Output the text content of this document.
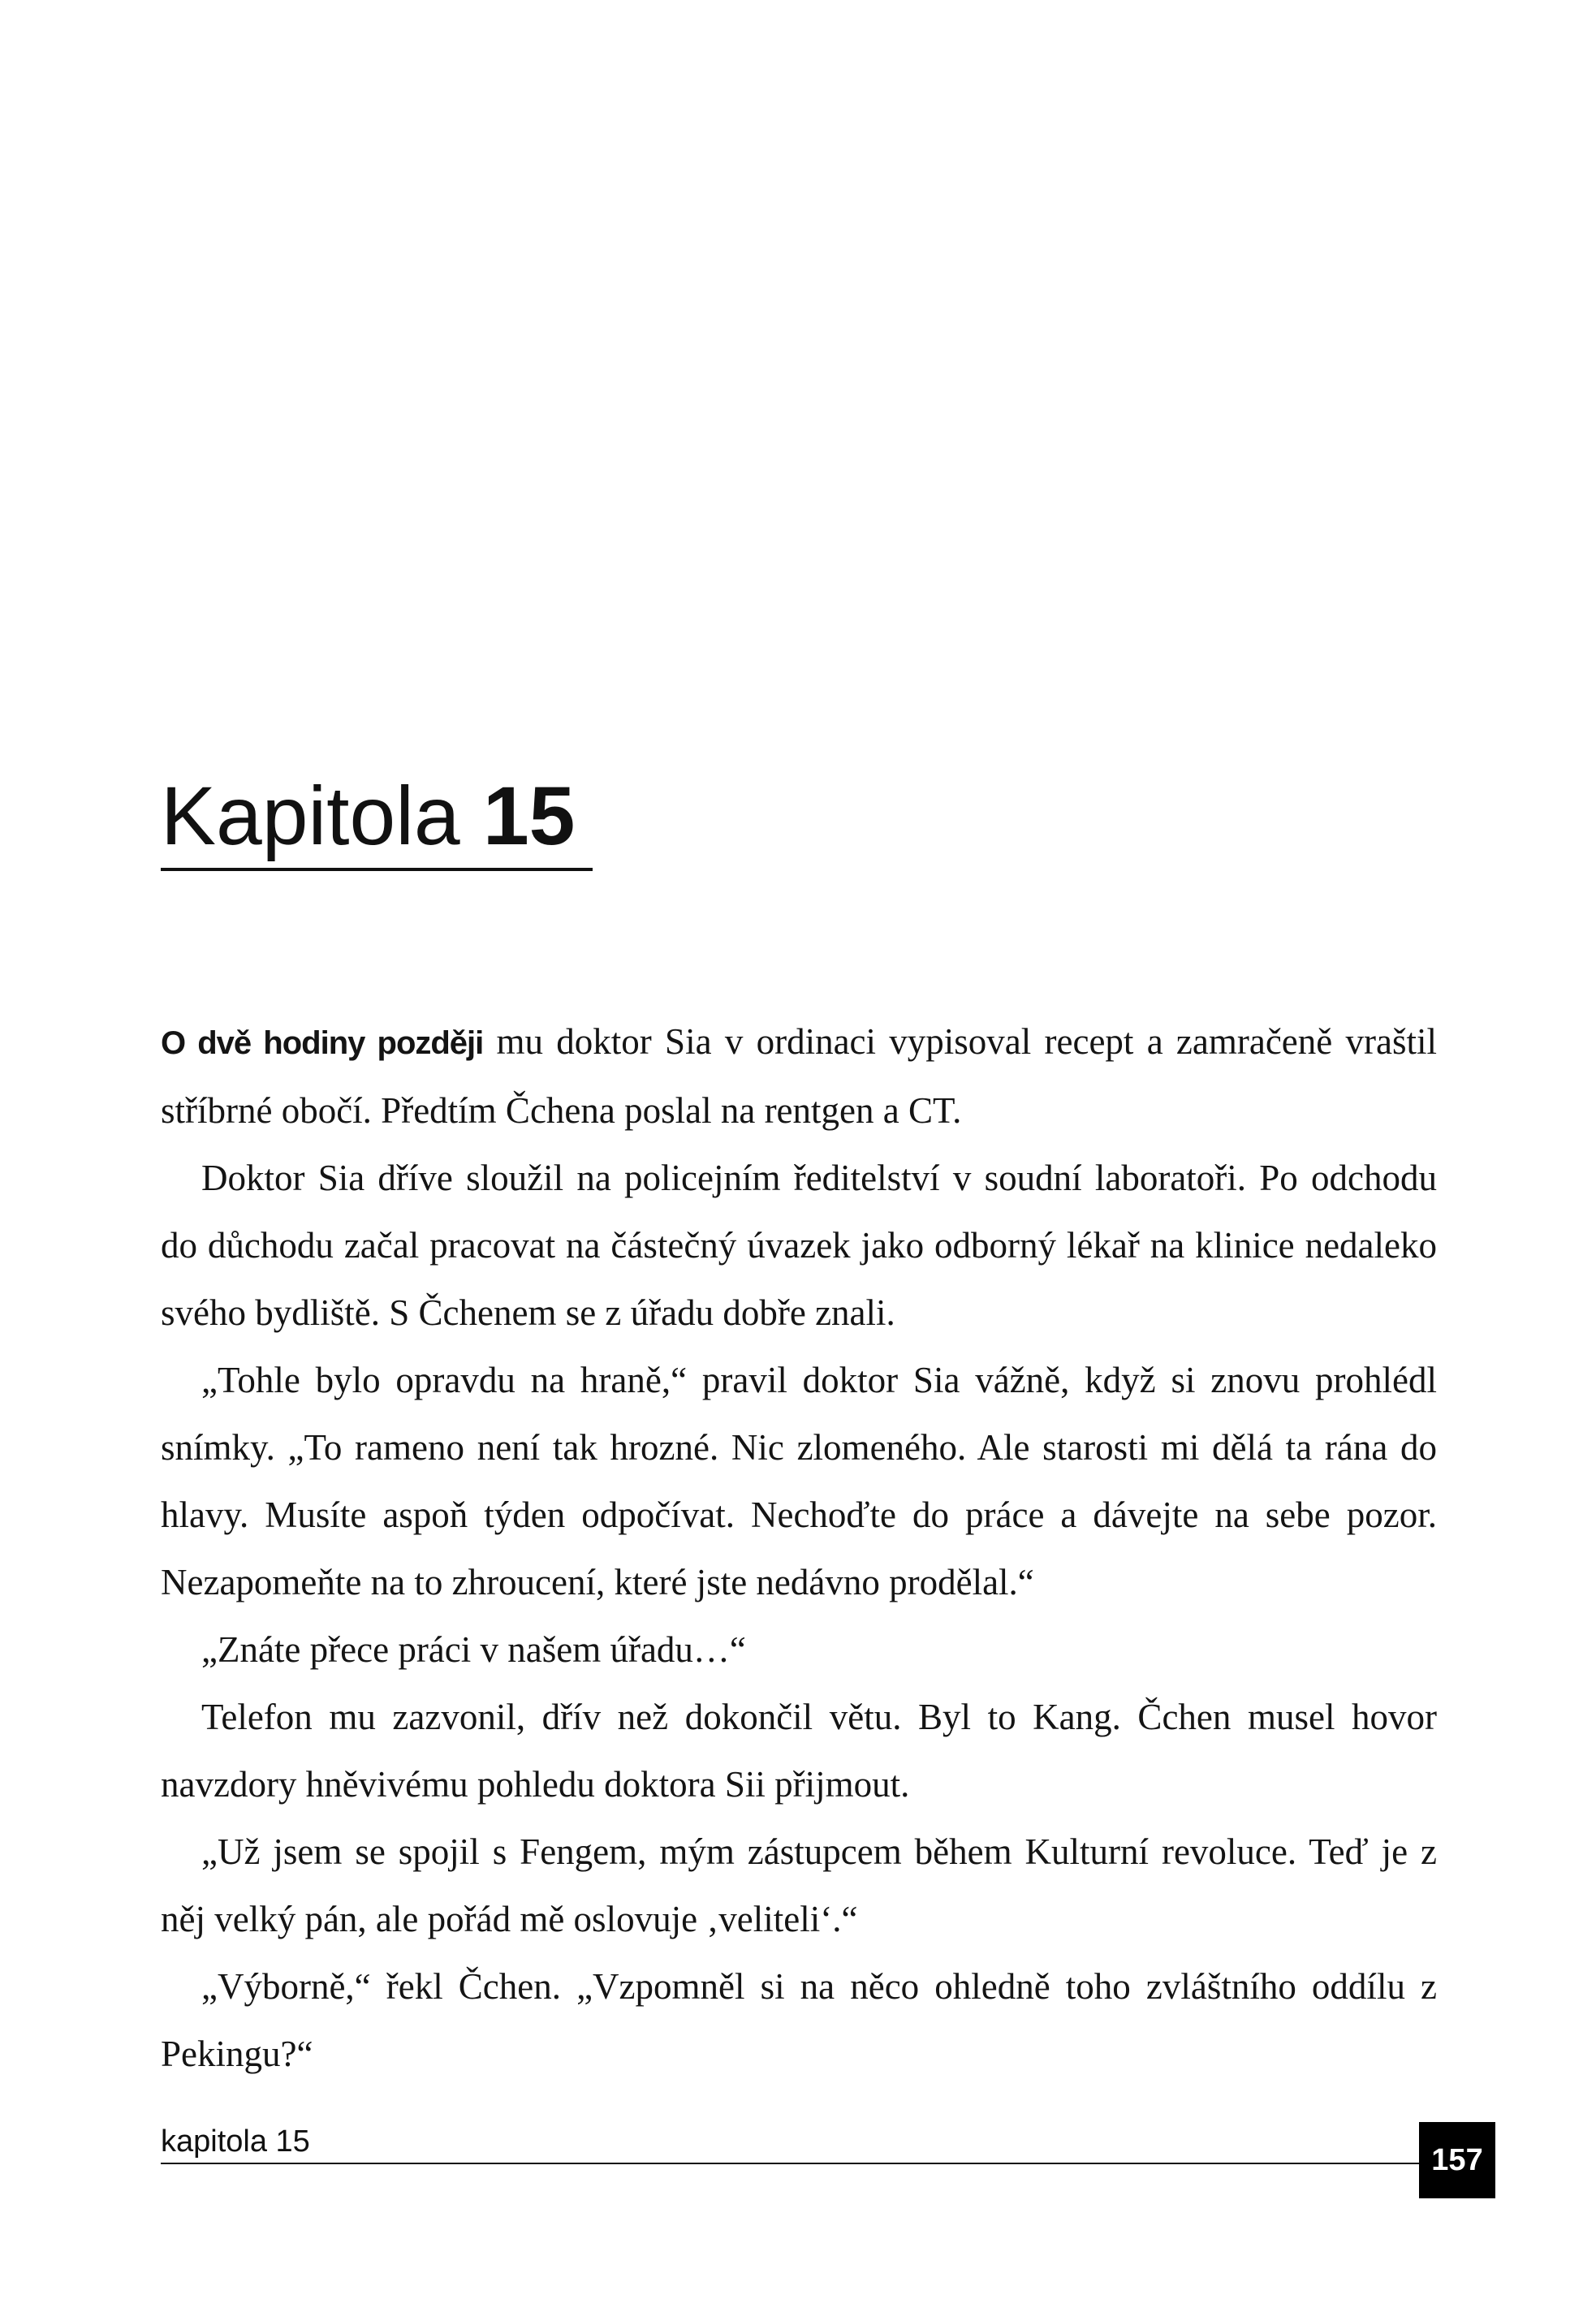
Kapitola 15

O dvě hodiny později mu doktor Sia v ordinaci vypisoval recept a zamračeně vraštil stříbrné obočí. Předtím Čchena poslal na rentgen a CT.

Doktor Sia dříve sloužil na policejním ředitelství v soudní laboratoři. Po odchodu do důchodu začal pracovat na částečný úvazek jako odborný lékař na klinice nedaleko svého bydliště. S Čchenem se z úřadu dobře znali.

„Tohle bylo opravdu na hraně,“ pravil doktor Sia vážně, když si znovu prohlédl snímky. „To rameno není tak hrozné. Nic zlomeného. Ale starosti mi dělá ta rána do hlavy. Musíte aspoň týden odpočívat. Nechoďte do práce a dávejte na sebe pozor. Nezapomeňte na to zhroucení, které jste nedávno prodělal.“

„Znáte přece práci v našem úřadu…“

Telefon mu zazvonil, dřív než dokončil větu. Byl to Kang. Čchen musel hovor navzdory hněvivému pohledu doktora Sii přijmout.

„Už jsem se spojil s Fengem, mým zástupcem během Kulturní revoluce. Teď je z něj velký pán, ale pořád mě oslovuje ‚veliteli‘.“

„Výborně,“ řekl Čchen. „Vzpomněl si na něco ohledně toho zvláštního oddílu z Pekingu?“

kapitola 15
157
